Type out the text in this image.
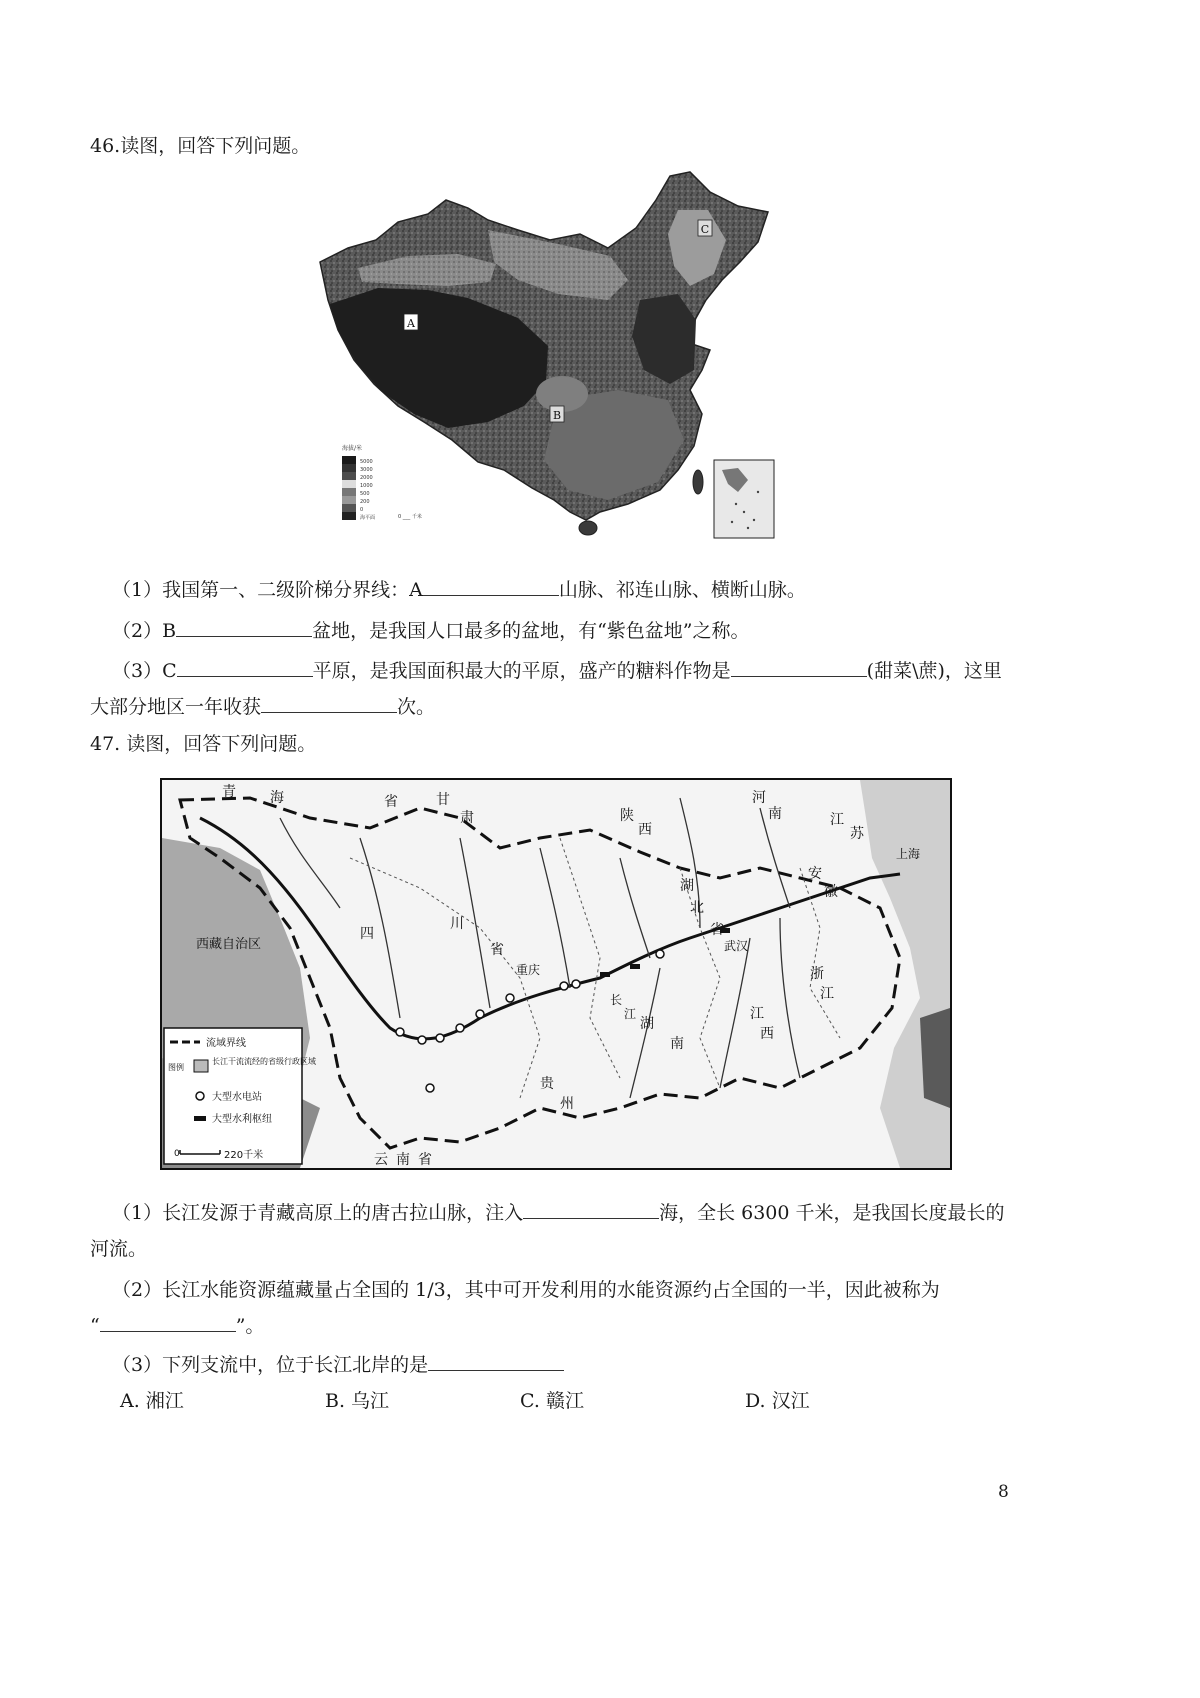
46.读图，回答下列问题。
A
B
C
海拔/米
5000
3000
2000
1000
500
200
0
海平面	0 ___ 千米
（1）我国第一、二级阶梯分界线：A	山脉、祁连山脉、横断山脉。
（2）B	盆地，是我国人口最多的盆地，有“紫色盆地”之称。
（3）C	平原，是我国面积最大的平原，盛产的糖料作物是	(甜菜\蔗)，这里
大部分地区一年收获	次。
47. 读图，回答下列问题。
青 海	省	甘
肃	陕
西
河
南
西藏自治区
四
川
省
湖
北
省
武汉
安
徽
江
苏
上海
浙
江
湖
南
江
西
贵
州
云 南 省
重庆
长
江
流域界线
图例
长江干流流经的省级行政区域
大型水电站
大型水利枢纽
0	220千米
（1）长江发源于青藏高原上的唐古拉山脉，注入	海，全长 6300 千米，是我国长度最长的
河流。
（2）长江水能资源蕴藏量占全国的 1/3，其中可开发利用的水能资源约占全国的一半，因此被称为
“	”。
（3）下列支流中，位于长江北岸的是
A. 湘江	B. 乌江	C. 赣江	D. 汉江
8
